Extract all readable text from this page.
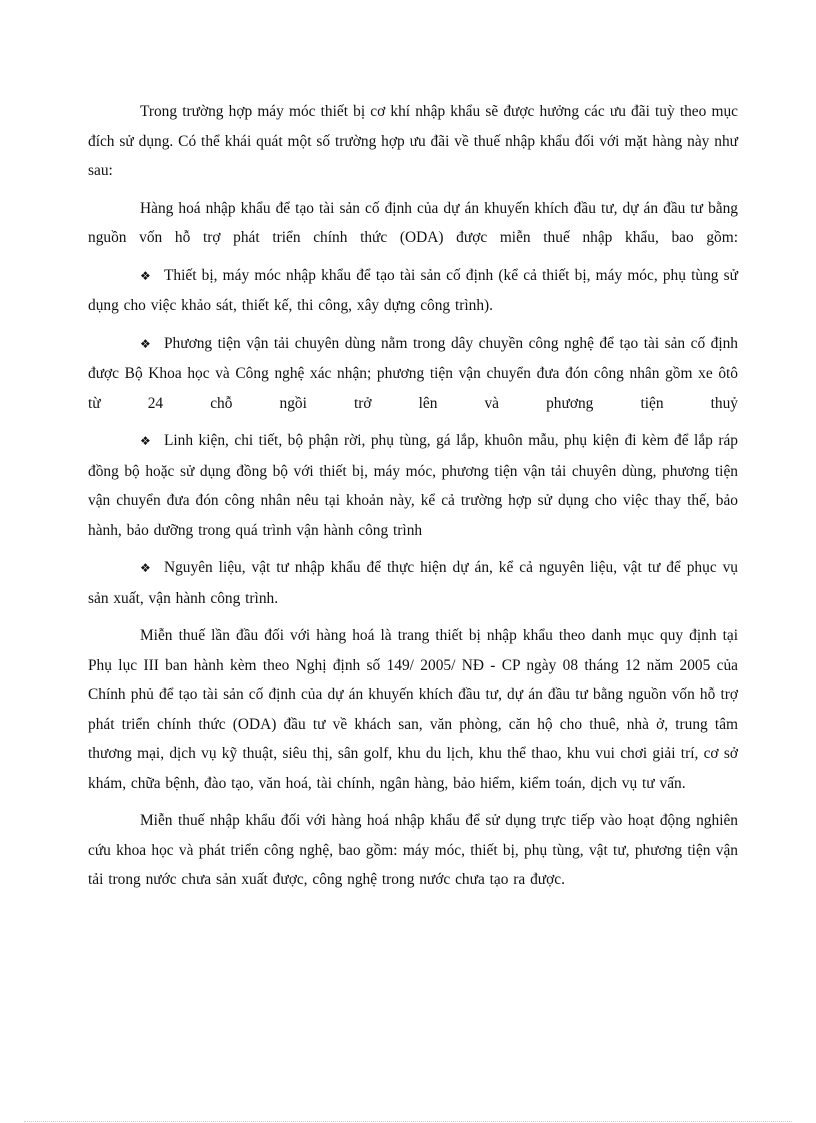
Trong trường hợp máy móc thiết bị cơ khí nhập khẩu sẽ được hưởng các ưu đãi tuỳ theo mục đích sử dụng. Có thể khái quát một số trường hợp ưu đãi về thuế nhập khẩu đối với mặt hàng này như sau:

Hàng hoá nhập khẩu để tạo tài sản cố định của dự án khuyến khích đầu tư, dự án đầu tư bằng nguồn vốn hỗ trợ phát triển chính thức (ODA) được miễn thuế nhập khẩu, bao gồm:

❖ Thiết bị, máy móc nhập khẩu để tạo tài sản cố định (kể cả thiết bị, máy móc, phụ tùng sử dụng cho việc khảo sát, thiết kế, thi công, xây dựng công trình).

❖ Phương tiện vận tải chuyên dùng nằm trong dây chuyền công nghệ để tạo tài sản cố định được Bộ Khoa học và Công nghệ xác nhận; phương tiện vận chuyển đưa đón công nhân gồm xe ôtô từ 24 chỗ ngồi trở lên và phương tiện thuỷ

❖ Linh kiện, chi tiết, bộ phận rời, phụ tùng, gá lắp, khuôn mẫu, phụ kiện đi kèm để lắp ráp đồng bộ hoặc sử dụng đồng bộ với thiết bị, máy móc, phương tiện vận tải chuyên dùng, phương tiện vận chuyển đưa đón công nhân nêu tại khoản này, kể cả trường hợp sử dụng cho việc thay thế, bảo hành, bảo dưỡng trong quá trình vận hành công trình

❖ Nguyên liệu, vật tư nhập khẩu để thực hiện dự án, kể cả nguyên liệu, vật tư để phục vụ sản xuất, vận hành công trình.

Miễn thuế lần đầu đối với hàng hoá là trang thiết bị nhập khẩu theo danh mục quy định tại Phụ lục III ban hành kèm theo Nghị định số 149/ 2005/ NĐ - CP ngày 08 tháng 12 năm 2005 của Chính phủ để tạo tài sản cố định của dự án khuyến khích đầu tư, dự án đầu tư bằng nguồn vốn hỗ trợ phát triển chính thức (ODA) đầu tư về khách san, văn phòng, căn hộ cho thuê, nhà ở, trung tâm thương mại, dịch vụ kỹ thuật, siêu thị, sân golf, khu du lịch, khu thể thao, khu vui chơi giải trí, cơ sở khám, chữa bệnh, đào tạo, văn hoá, tài chính, ngân hàng, bảo hiểm, kiểm toán, dịch vụ tư vấn.

Miễn thuế nhập khẩu đối với hàng hoá nhập khẩu để sử dụng trực tiếp vào hoạt động nghiên cứu khoa học và phát triển công nghệ, bao gồm: máy móc, thiết bị, phụ tùng, vật tư, phương tiện vận tải trong nước chưa sản xuất được, công nghệ trong nước chưa tạo ra được.
